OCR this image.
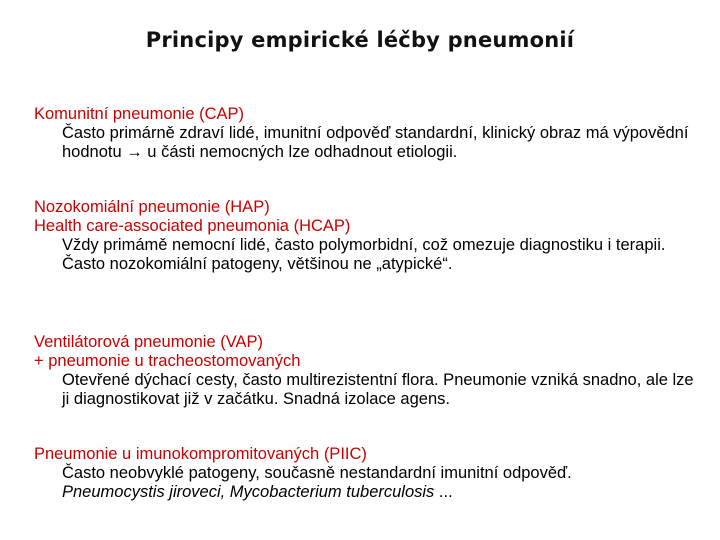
Principy empirické léčby pneumonií
Komunitní pneumonie (CAP)
Často primárně zdraví lidé, imunitní odpověď standardní, klinický obraz má výpovědní hodnotu → u části nemocných lze odhadnout etiologii.
Nozokomiální pneumonie (HAP)
Health care-associated pneumonia (HCAP)
Vždy primámě nemocní lidé, často polymorbidní, což omezuje diagnostiku i terapii. Často nozokomiální patogeny, většinou ne „atypické“.
Ventilátorová pneumonie (VAP)
+ pneumonie u tracheostomovaných
Otevřené dýchací cesty, často multirezistentní flora. Pneumonie vzniká snadno, ale lze ji diagnostikovat již v začátku. Snadná izolace agens.
Pneumonie u imunokompromitovaných (PIIC)
Často neobvyklé patogeny, současně nestandardní imunitní odpověď.
Pneumocystis jiroveci, Mycobacterium tuberculosis ...
